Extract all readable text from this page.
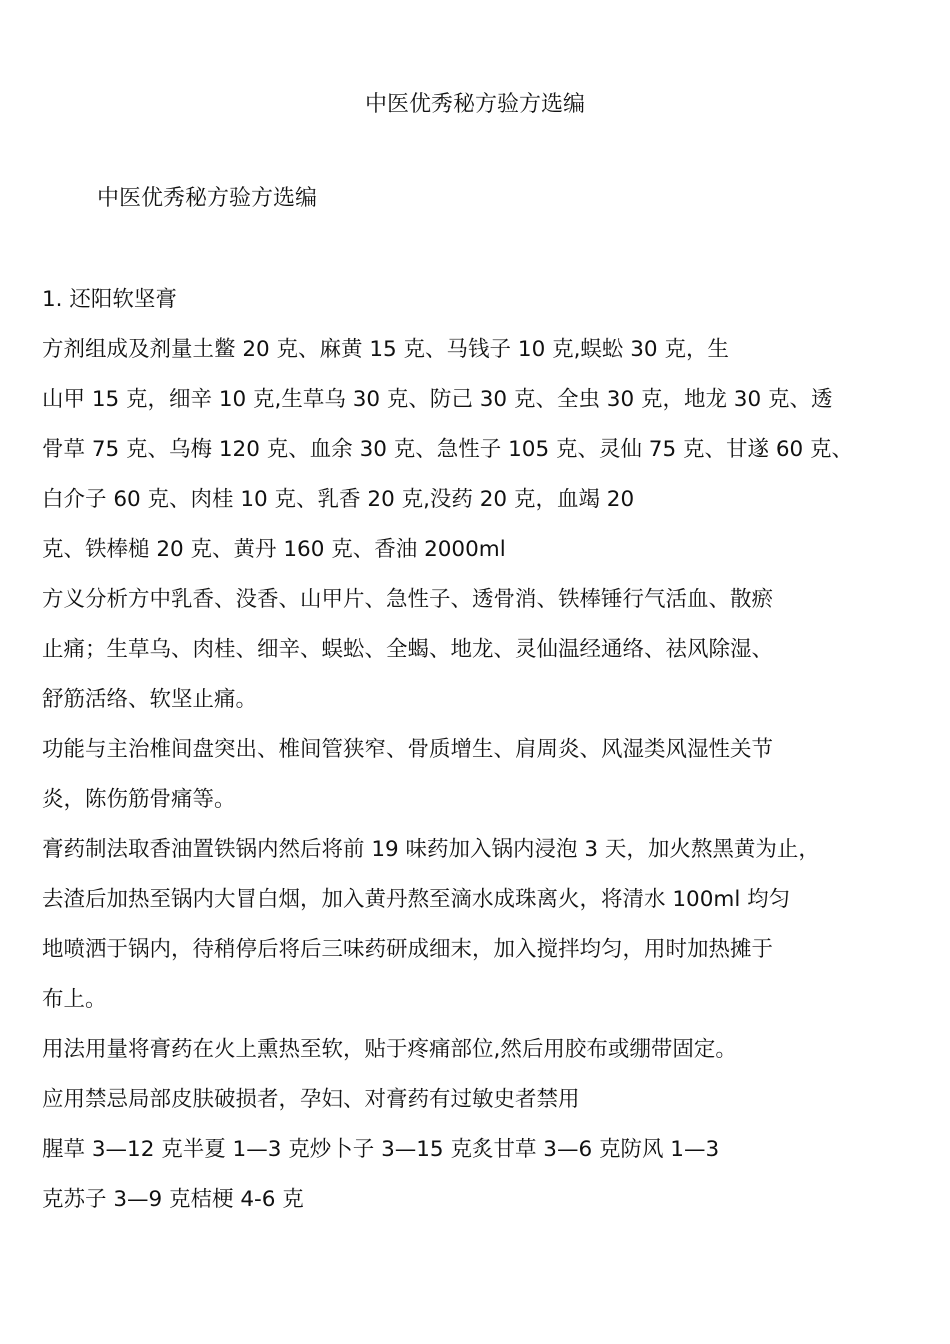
中医优秀秘方验方选编
中医优秀秘方验方选编
1. 还阳软坚膏
方剂组成及剂量土鳖 20 克、麻黄 15 克、马钱子 10 克,蜈蚣 30 克，生
山甲 15 克，细辛 10 克,生草乌 30 克、防己 30 克、全虫 30 克，地龙 30 克、透
骨草 75 克、乌梅 120 克、血余 30 克、急性子 105 克、灵仙 75 克、甘遂 60 克、
白介子 60 克、肉桂 10 克、乳香 20 克,没药 20 克，血竭 20
克、铁棒槌 20 克、黄丹 160 克、香油 2000ml
方义分析方中乳香、没香、山甲片、急性子、透骨消、铁棒锤行气活血、散瘀
止痛；生草乌、肉桂、细辛、蜈蚣、全蝎、地龙、灵仙温经通络、祛风除湿、
舒筋活络、软坚止痛。
功能与主治椎间盘突出、椎间管狭窄、骨质增生、肩周炎、风湿类风湿性关节
炎，陈伤筋骨痛等。
膏药制法取香油置铁锅内然后将前 19 味药加入锅内浸泡 3 天，加火熬黑黄为止，
去渣后加热至锅内大冒白烟，加入黄丹熬至滴水成珠离火，将清水 100ml 均匀
地喷洒于锅内，待稍停后将后三味药研成细末，加入搅拌均匀，用时加热摊于
布上。
用法用量将膏药在火上熏热至软，贴于疼痛部位,然后用胶布或绷带固定。
应用禁忌局部皮肤破损者，孕妇、对膏药有过敏史者禁用
腥草 3—12 克半夏 1—3 克炒卜子 3—15 克炙甘草 3—6 克防风 1—3
克苏子 3—9 克桔梗 4-6 克
